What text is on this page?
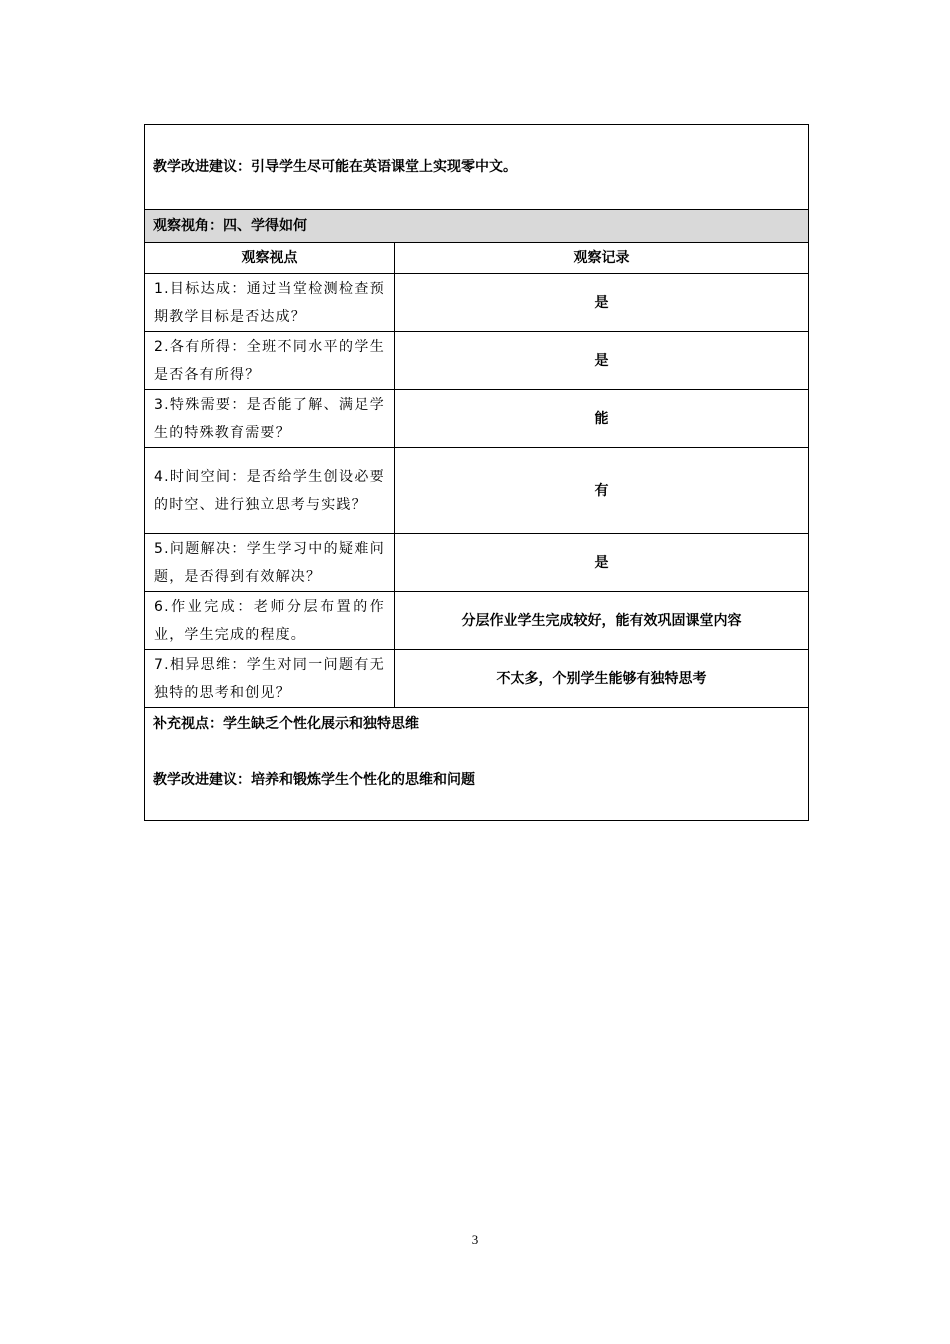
教学改进建议：引导学生尽可能在英语课堂上实现零中文。	
观察视角：四、学得如何	
观察视点	观察记录
1.目标达成：通过当堂检测检查预期教学目标是否达成？	是
2.各有所得：全班不同水平的学生是否各有所得？	是
3.特殊需要：是否能了解、满足学生的特殊教育需要？	能
4.时间空间：是否给学生创设必要的时空、进行独立思考与实践？	有
5.问题解决：学生学习中的疑难问题，是否得到有效解决？	是
6.作业完成：老师分层布置的作业，学生完成的程度。	分层作业学生完成较好，能有效巩固课堂内容
7.相异思维：学生对同一问题有无独特的思考和创见？	不太多，个别学生能够有独特思考

补充视点：学生缺乏个性化展示和独特思维

教学改进建议：培养和锻炼学生个性化的思维和问题	

3
